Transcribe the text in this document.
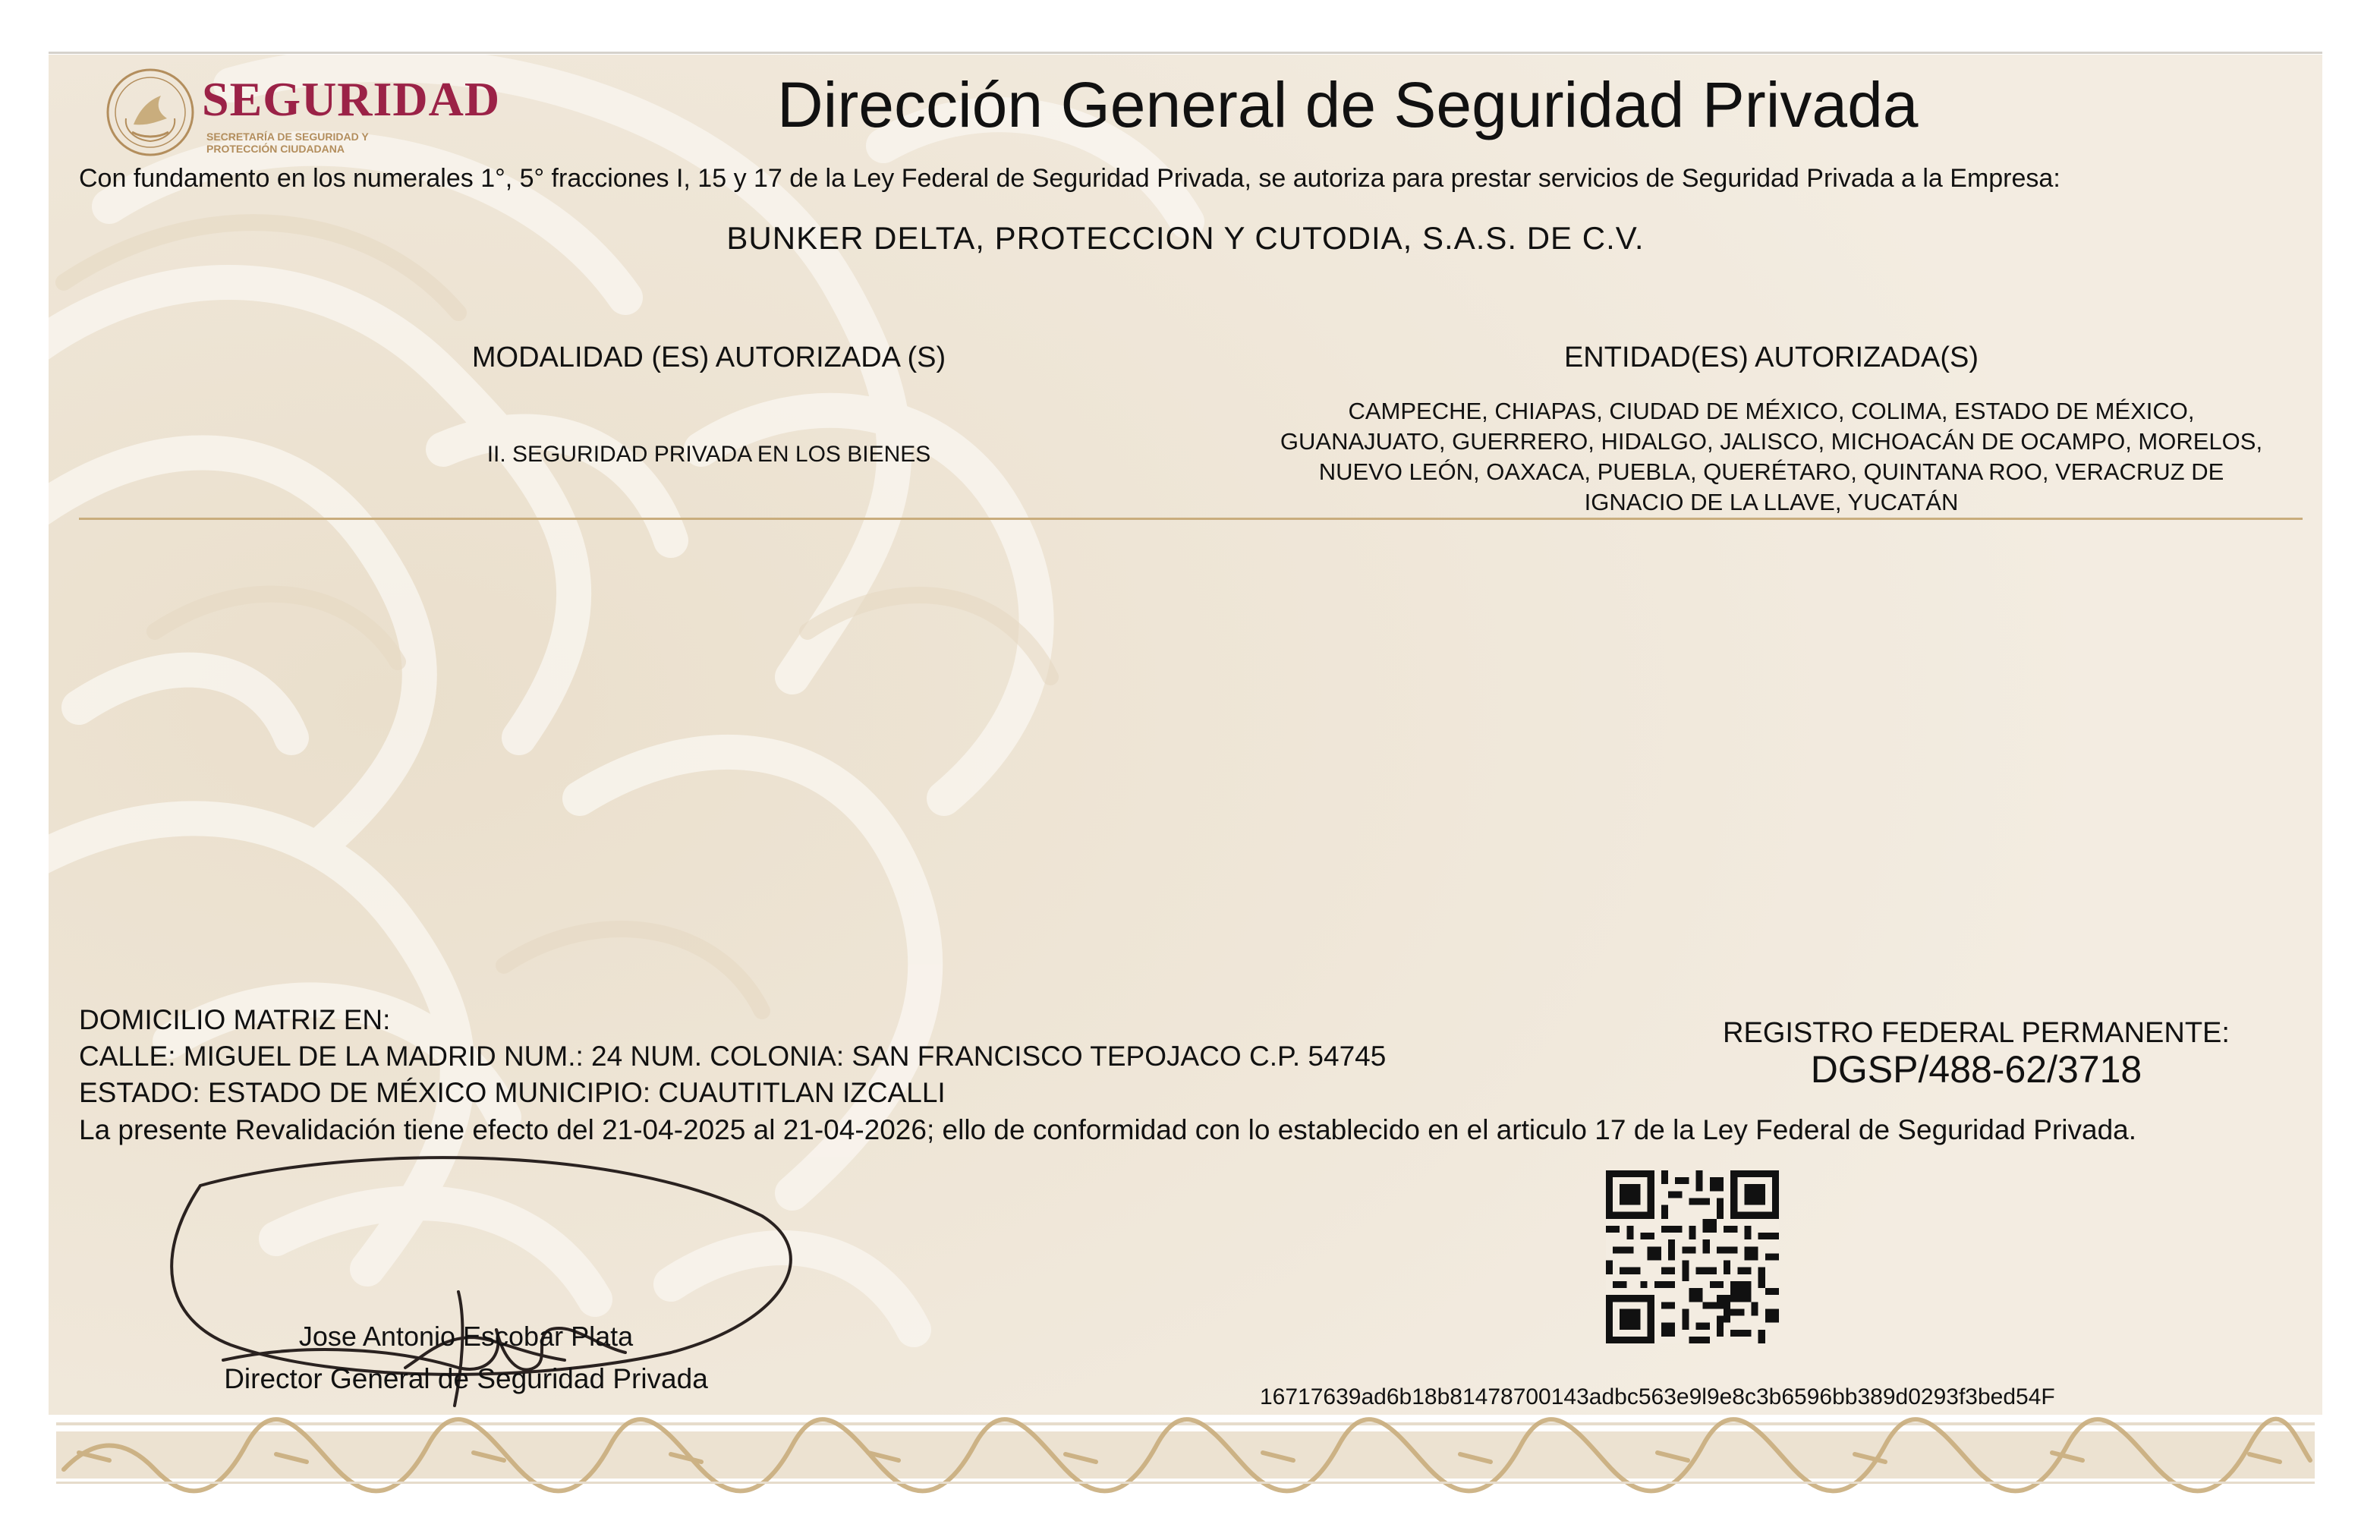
SEGURIDAD
SECRETARÍA DE SEGURIDAD Y PROTECCIÓN CIUDADANA
Dirección General de Seguridad Privada
Con fundamento en los numerales 1°, 5° fracciones I, 15 y 17 de la Ley Federal de Seguridad Privada, se autoriza para prestar servicios de Seguridad Privada a la Empresa:
BUNKER DELTA, PROTECCION Y CUTODIA, S.A.S. DE C.V.
MODALIDAD (ES) AUTORIZADA (S)
II. SEGURIDAD PRIVADA EN LOS BIENES
ENTIDAD(ES) AUTORIZADA(S)
CAMPECHE, CHIAPAS, CIUDAD DE MÉXICO, COLIMA, ESTADO DE MÉXICO,
GUANAJUATO, GUERRERO, HIDALGO, JALISCO, MICHOACÁN DE OCAMPO, MORELOS,
NUEVO LEÓN, OAXACA, PUEBLA, QUERÉTARO, QUINTANA ROO, VERACRUZ DE
IGNACIO DE LA LLAVE, YUCATÁN
DOMICILIO MATRIZ EN:
CALLE: MIGUEL DE LA MADRID NUM.: 24 NUM. COLONIA: SAN FRANCISCO TEPOJACO C.P. 54745
ESTADO: ESTADO DE MÉXICO MUNICIPIO: CUAUTITLAN IZCALLI
REGISTRO FEDERAL PERMANENTE:
DGSP/488-62/3718
La presente Revalidación tiene efecto del 21-04-2025 al 21-04-2026; ello de conformidad con lo establecido en el articulo 17 de la Ley Federal de Seguridad Privada.
Jose Antonio Escobar Plata
Director General de Seguridad Privada
16717639ad6b18b81478700143adbc563e9l9e8c3b6596bb389d0293f3bed54F
